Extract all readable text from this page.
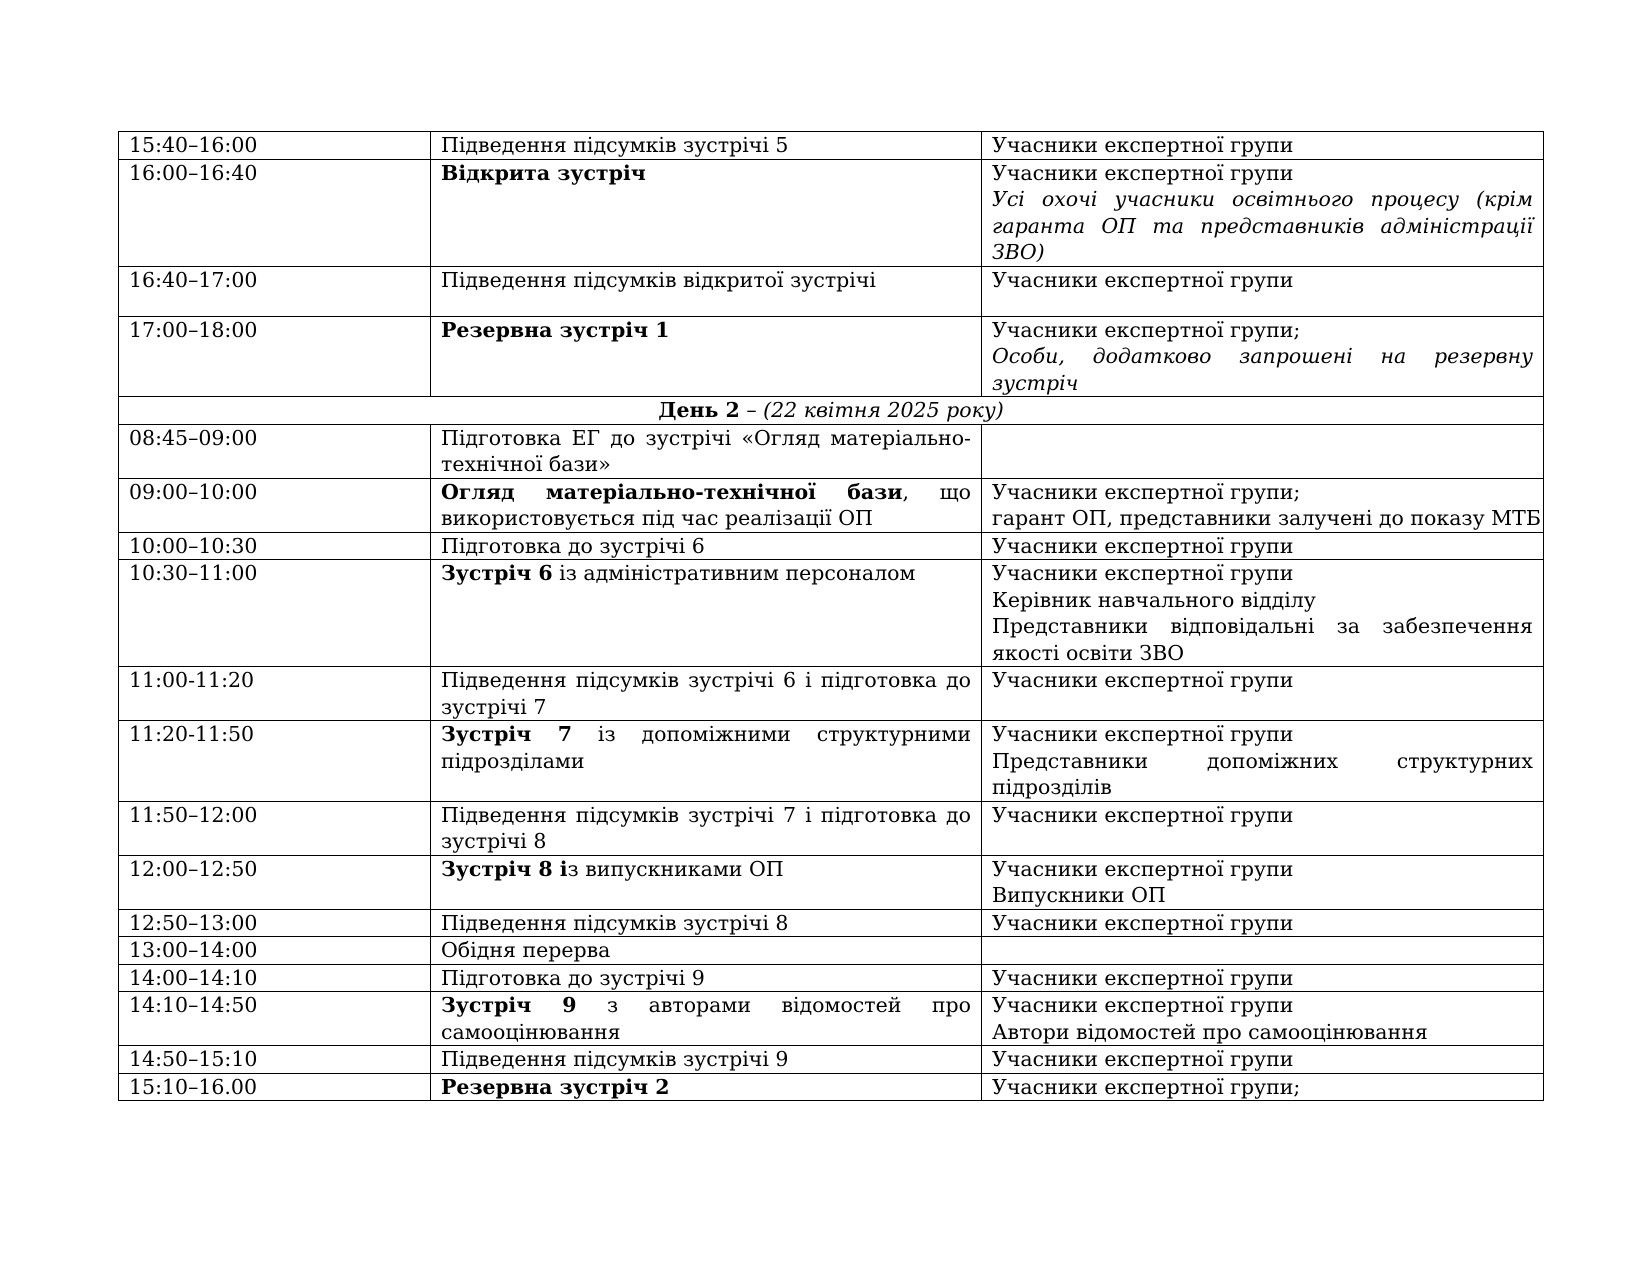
15:40–16:00	Підведення підсумків зустрічі 5	Учасники експертної групи
16:00–16:40	Відкрита зустріч	Учасники експертної групи
Усі охочі учасники освітнього процесу (крім гаранта ОП та представників адміністрації ЗВО)

16:40–17:00	Підведення підсумків відкритої зустрічі	Учасники експертної групи
17:00–18:00	Резервна зустріч 1	Учасники експертної групи;
Особи, додатково запрошені на резервну зустріч

День 2 – (22 квітня 2025 року)		
08:45–09:00	Підготовка ЕГ до зустрічі «Огляд матеріально-технічної бази»	
09:00–10:00	Огляд матеріально-технічної бази, що використовується під час реалізації ОП	Учасники експертної групи;
гарант ОП, представники залучені до показу МТБ

10:00–10:30	Підготовка до зустрічі 6	Учасники експертної групи
10:30–11:00	Зустріч 6 із адміністративним персоналом	Учасники експертної групи
Керівник навчального відділу
Представники відповідальні за забезпечення якості освіти ЗВО

11:00-11:20	Підведення підсумків зустрічі 6 і підготовка до зустрічі 7	Учасники експертної групи
11:20-11:50	Зустріч 7 із допоміжними структурними підрозділами	Учасники експертної групи
Представники допоміжних структурних підрозділів

11:50–12:00	Підведення підсумків зустрічі 7 і підготовка до зустрічі 8	Учасники експертної групи
12:00–12:50	Зустріч 8 із випускниками ОП	Учасники експертної групи
Випускники ОП

12:50–13:00	Підведення підсумків зустрічі 8	Учасники експертної групи
13:00–14:00	Обідня перерва	
14:00–14:10	Підготовка до зустрічі 9	Учасники експертної групи
14:10–14:50	Зустріч 9 з авторами відомостей про самооцінювання	Учасники експертної групи
Автори відомостей про самооцінювання

14:50–15:10	Підведення підсумків зустрічі 9	Учасники експертної групи
15:10–16.00	Резервна зустріч 2	Учасники експертної групи;
